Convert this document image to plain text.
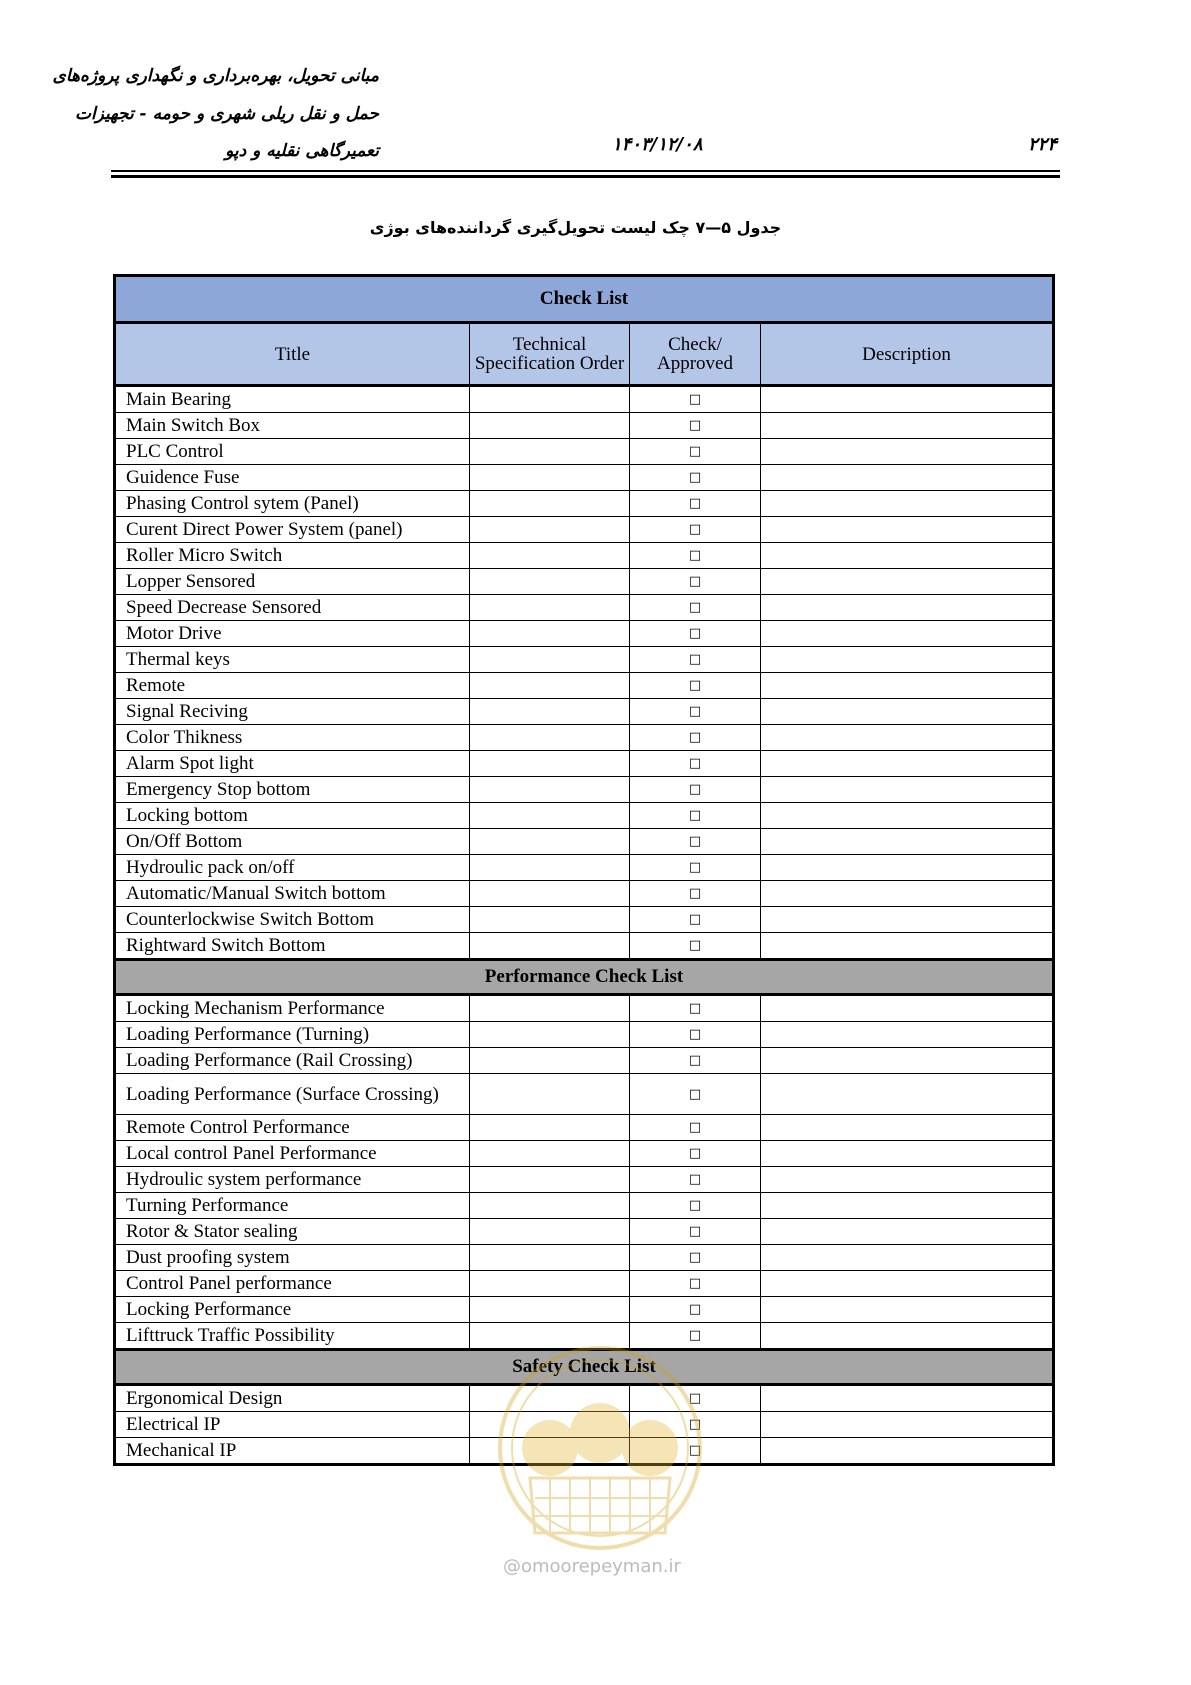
مبانی تحویل، بهره‌برداری و نگهداری پروژه‌های
حمل و نقل ریلی شهری و حومه - تجهیزات
تعمیرگاهی نقلیه و دپو	۱۴۰۳/۱۲/۰۸	۲۲۴
جدول ۵—۷ چک لیست تحویل‌گیری گرداننده‌های بوژی
Check List			
Title	Technical Specification Order	Check/ Approved	Description
Main Bearing		□	
Main Switch Box		□	
PLC Control		□	
Guidence Fuse		□	
Phasing Control sytem (Panel)		□	
Curent Direct Power System (panel)		□	
Roller Micro Switch		□	
Lopper Sensored		□	
Speed Decrease Sensored		□	
Motor Drive		□	
Thermal keys		□	
Remote		□	
Signal Reciving		□	
Color Thikness		□	
Alarm Spot light		□	
Emergency Stop bottom		□	
Locking bottom		□	
On/Off Bottom		□	
Hydroulic pack on/off		□	
Automatic/Manual Switch bottom		□	
Counterlockwise Switch Bottom		□	
Rightward Switch Bottom		□	
Performance Check List			
Locking Mechanism Performance		□	
Loading Performance (Turning)		□	
Loading Performance (Rail Crossing)		□	
Loading Performance (Surface Crossing)		□	
Remote Control Performance		□	
Local control Panel Performance		□	
Hydroulic system performance		□	
Turning Performance		□	
Rotor & Stator sealing		□	
Dust proofing system		□	
Control Panel performance		□	
Locking Performance		□	
Lifttruck Traffic Possibility		□	
Safety Check List			
Ergonomical Design		□	
Electrical IP		□	
Mechanical IP		□	
@omoorepeyman.ir
